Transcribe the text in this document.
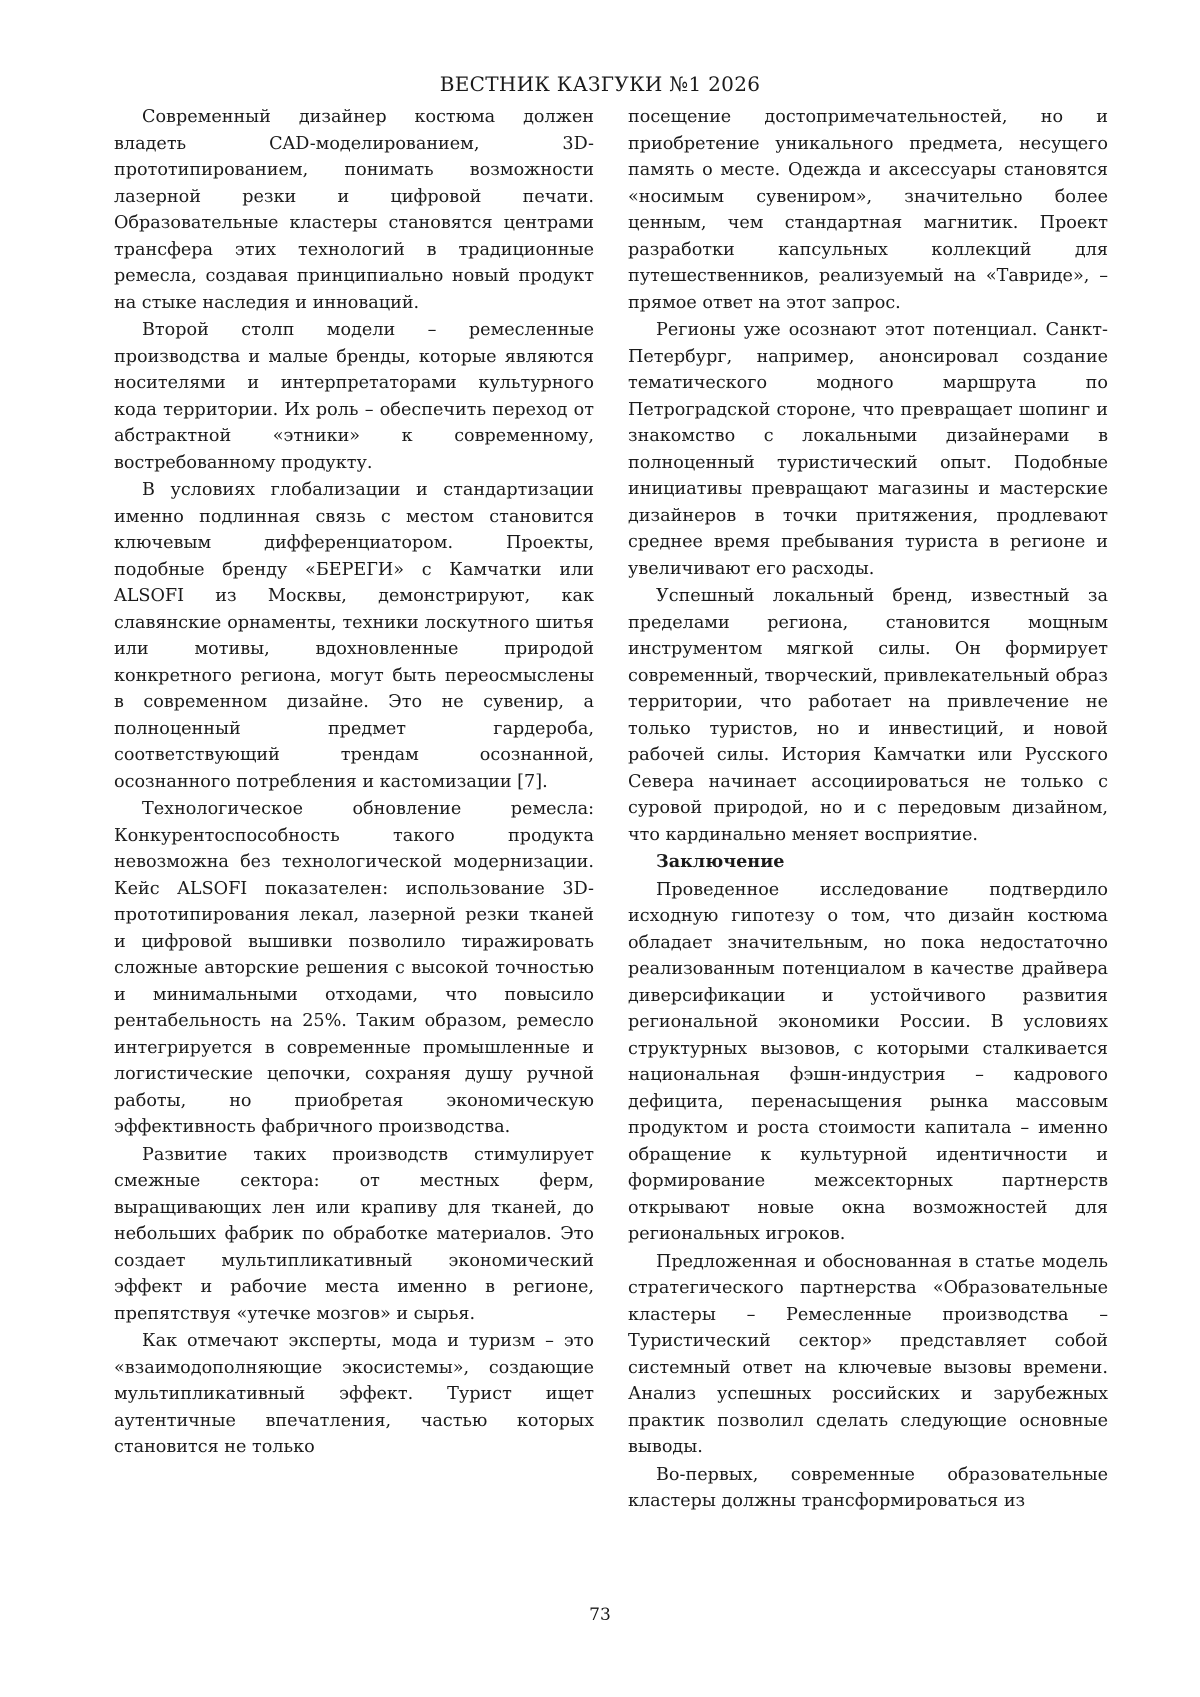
ВЕСТНИК КАЗГУКИ №1 2026

Современный дизайнер костюма должен владеть CAD-моделированием, 3D-прототипированием, понимать возможности лазерной резки и цифровой печати. Образовательные кластеры становятся центрами трансфера этих технологий в традиционные ремесла, создавая принципиально новый продукт на стыке наследия и инноваций.

Второй столп модели – ремесленные производства и малые бренды, которые являются носителями и интерпретаторами культурного кода территории. Их роль – обеспечить переход от абстрактной «этники» к современному, востребованному продукту.

В условиях глобализации и стандартизации именно подлинная связь с местом становится ключевым дифференциатором. Проекты, подобные бренду «БЕРЕГИ» с Камчатки или ALSOFI из Москвы, демонстрируют, как славянские орнаменты, техники лоскутного шитья или мотивы, вдохновленные природой конкретного региона, могут быть переосмыслены в современном дизайне. Это не сувенир, а полноценный предмет гардероба, соответствующий трендам осознанной, осознанного потребления и кастомизации [7].

Технологическое обновление ремесла: Конкурентоспособность такого продукта невозможна без технологической модернизации. Кейс ALSOFI показателен: использование 3D-прототипирования лекал, лазерной резки тканей и цифровой вышивки позволило тиражировать сложные авторские решения с высокой точностью и минимальными отходами, что повысило рентабельность на 25%. Таким образом, ремесло интегрируется в современные промышленные и логистические цепочки, сохраняя душу ручной работы, но приобретая экономическую эффективность фабричного производства.

Развитие таких производств стимулирует смежные сектора: от местных ферм, выращивающих лен или крапиву для тканей, до небольших фабрик по обработке материалов. Это создает мультипликативный экономический эффект и рабочие места именно в регионе, препятствуя «утечке мозгов» и сырья.

Как отмечают эксперты, мода и туризм – это «взаимодополняющие экосистемы», создающие мультипликативный эффект. Турист ищет аутентичные впечатления, частью которых становится не только

посещение достопримечательностей, но и приобретение уникального предмета, несущего память о месте. Одежда и аксессуары становятся «носимым сувениром», значительно более ценным, чем стандартная магнитик. Проект разработки капсульных коллекций для путешественников, реализуемый на «Тавриде», – прямое ответ на этот запрос.

Регионы уже осознают этот потенциал. Санкт-Петербург, например, анонсировал создание тематического модного маршрута по Петроградской стороне, что превращает шопинг и знакомство с локальными дизайнерами в полноценный туристический опыт. Подобные инициативы превращают магазины и мастерские дизайнеров в точки притяжения, продлевают среднее время пребывания туриста в регионе и увеличивают его расходы.

Успешный локальный бренд, известный за пределами региона, становится мощным инструментом мягкой силы. Он формирует современный, творческий, привлекательный образ территории, что работает на привлечение не только туристов, но и инвестиций, и новой рабочей силы. История Камчатки или Русского Севера начинает ассоциироваться не только с суровой природой, но и с передовым дизайном, что кардинально меняет восприятие.

Заключение

Проведенное исследование подтвердило исходную гипотезу о том, что дизайн костюма обладает значительным, но пока недостаточно реализованным потенциалом в качестве драйвера диверсификации и устойчивого развития региональной экономики России. В условиях структурных вызовов, с которыми сталкивается национальная фэшн-индустрия – кадрового дефицита, перенасыщения рынка массовым продуктом и роста стоимости капитала – именно обращение к культурной идентичности и формирование межсекторных партнерств открывают новые окна возможностей для региональных игроков.

Предложенная и обоснованная в статье модель стратегического партнерства «Образовательные кластеры – Ремесленные производства – Туристический сектор» представляет собой системный ответ на ключевые вызовы времени. Анализ успешных российских и зарубежных практик позволил сделать следующие основные выводы.

Во-первых, современные образовательные кластеры должны трансформироваться из

73
